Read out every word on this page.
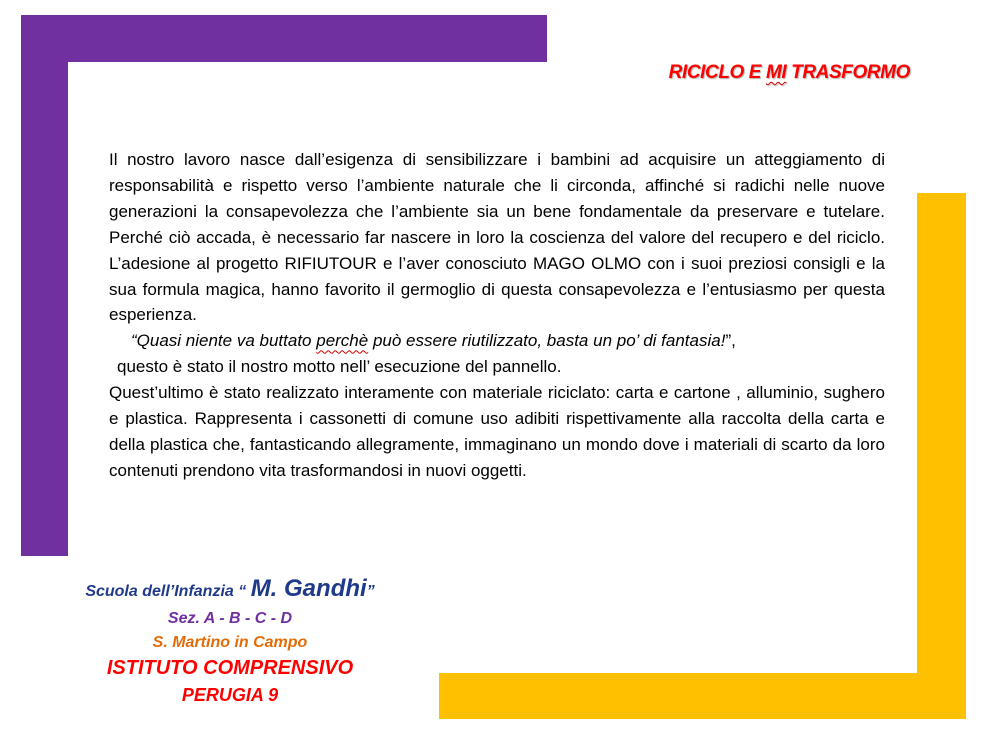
RICICLO E MI TRASFORMO

Il nostro lavoro nasce dall’esigenza di sensibilizzare i bambini ad acquisire un atteggiamento di responsabilità e rispetto verso l’ambiente naturale che li circonda, affinché si radichi nelle nuove generazioni la consapevolezza che l’ambiente sia un bene fondamentale da preservare e tutelare. Perché ciò accada, è necessario far nascere in loro la coscienza del valore del recupero e del riciclo. L’adesione al progetto RIFIUTOUR e l’aver conosciuto MAGO OLMO con i suoi preziosi consigli e la sua formula magica, hanno favorito il germoglio di questa consapevolezza e l’entusiasmo per questa esperienza.

“Quasi niente va buttato perchè può essere riutilizzato, basta un po’ di fantasia!”,

questo è stato il nostro motto nell’ esecuzione del pannello.

Quest’ultimo è stato realizzato interamente con materiale riciclato: carta e cartone , alluminio, sughero e plastica. Rappresenta i cassonetti di comune uso adibiti rispettivamente alla raccolta della carta e della plastica che, fantasticando allegramente, immaginano un mondo dove i materiali di scarto da loro contenuti prendono vita trasformandosi in nuovi oggetti.

Scuola dell’Infanzia “ M. Gandhi”
Sez. A - B - C - D
S. Martino in Campo
ISTITUTO COMPRENSIVO
PERUGIA 9
